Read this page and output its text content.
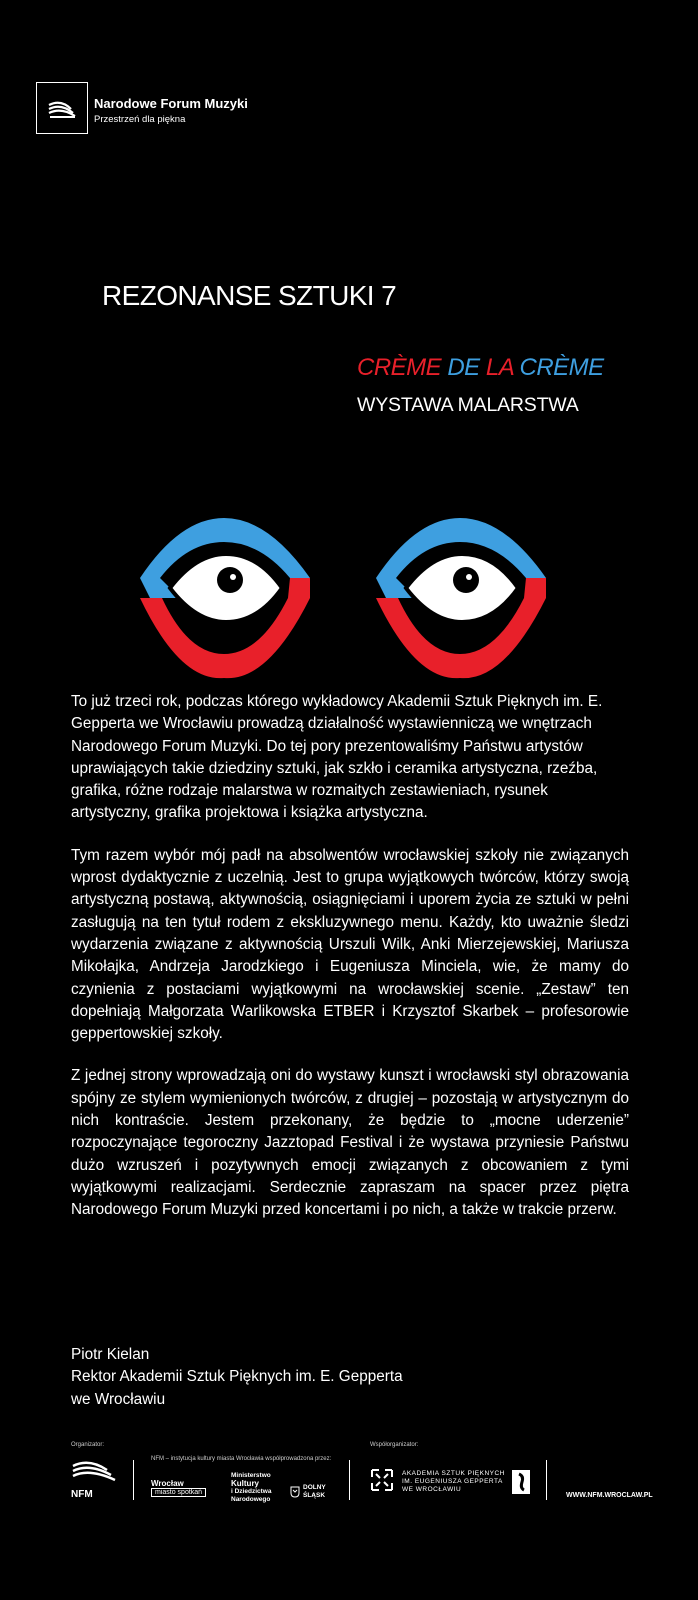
Narodowe Forum Muzyki
Przestrzeń dla piękna
REZONANSE SZTUKI 7
CRÈME DE LA CRÈME
WYSTAWA MALARSTWA

To już trzeci rok, podczas którego wykładowcy Akademii Sztuk Pięknych im. E. Gepperta we Wrocławiu prowadzą działalność wystawienniczą we wnętrzach Narodowego Forum Muzyki. Do tej pory prezentowaliśmy Państwu artystów uprawiających takie dziedziny sztuki, jak szkło i ceramika artystyczna, rzeźba, grafika, różne rodzaje malarstwa w rozmaitych zestawieniach, rysunek artystyczny, grafika projektowa i książka artystyczna.

Tym razem wybór mój padł na absolwentów wrocławskiej szkoły nie związanych wprost dydaktycznie z uczelnią. Jest to grupa wyjątkowych twórców, którzy swoją artystyczną postawą, aktywnością, osiągnięciami i uporem życia ze sztuki w pełni zasługują na ten tytuł rodem z ekskluzywnego menu. Każdy, kto uważnie śledzi wydarzenia związane z aktywnością Urszuli Wilk, Anki Mierzejewskiej, Mariusza Mikołajka, Andrzeja Jarodzkiego i Eugeniusza Minciela, wie, że mamy do czynienia z postaciami wyjątkowymi na wrocławskiej scenie. „Zestaw” ten dopełniają Małgorzata Warlikowska ETBER i Krzysztof Skarbek – profesorowie geppertowskiej szkoły.

Z jednej strony wprowadzają oni do wystawy kunszt i wrocławski styl obrazowania spójny ze stylem wymienionych twórców, z drugiej – pozostają w artystycznym do nich kontraście. Jestem przekonany, że będzie to „mocne uderzenie” rozpoczynające tegoroczny Jazztopad Festival i że wystawa przyniesie Państwu dużo wzruszeń i pozytywnych emocji związanych z obcowaniem z tymi wyjątkowymi realizacjami. Serdecznie zapraszam na spacer przez piętra Narodowego Forum Muzyki przed koncertami i po nich, a także w trakcie przerw.

Piotr Kielan
Rektor Akademii Sztuk Pięknych im. E. Gepperta
we Wrocławiu
Organizator:
NFM
NFM – instytucja kultury miasta Wrocławia współprowadzona przez:
Wrocław
miasto spotkań
Ministerstwo
Kultury
i Dziedzictwa
Narodowego
DOLNY
ŚLĄSK
Współorganizator:
AKADEMIA SZTUK PIĘKNYCH
IM. EUGENIUSZA GEPPERTA
WE WROCŁAWIU
WWW.NFM.WROCLAW.PL
